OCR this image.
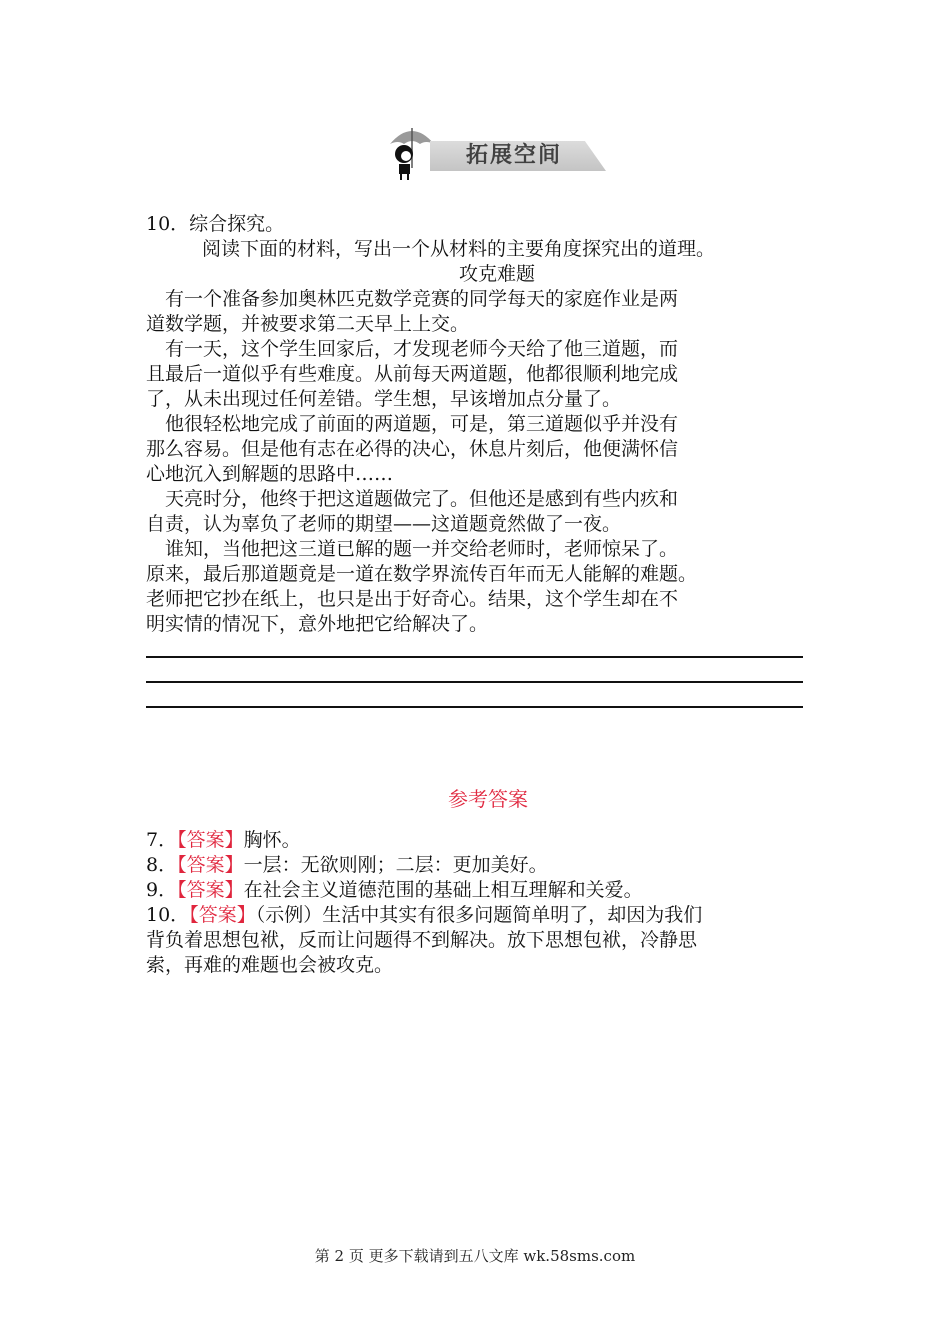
拓展空间
10．综合探究。
阅读下面的材料，写出一个从材料的主要角度探究出的道理。
攻克难题
　有一个准备参加奥林匹克数学竞赛的同学每天的家庭作业是两
道数学题，并被要求第二天早上上交。
　有一天，这个学生回家后，才发现老师今天给了他三道题，而
且最后一道似乎有些难度。从前每天两道题，他都很顺利地完成
了，从未出现过任何差错。学生想，早该增加点分量了。
　他很轻松地完成了前面的两道题，可是，第三道题似乎并没有
那么容易。但是他有志在必得的决心，休息片刻后，他便满怀信
心地沉入到解题的思路中……
　天亮时分，他终于把这道题做完了。但他还是感到有些内疚和
自责，认为辜负了老师的期望——这道题竟然做了一夜。
　谁知，当他把这三道已解的题一并交给老师时，老师惊呆了。
原来，最后那道题竟是一道在数学界流传百年而无人能解的难题。
老师把它抄在纸上，也只是出于好奇心。结果，这个学生却在不
明实情的情况下，意外地把它给解决了。
参考答案
7．【答案】胸怀。
8．【答案】一层：无欲则刚；二层：更加美好。
9．【答案】在社会主义道德范围的基础上相互理解和关爱。
10．【答案】（示例）生活中其实有很多问题简单明了，却因为我们
背负着思想包袱，反而让问题得不到解决。放下思想包袱，冷静思
索，再难的难题也会被攻克。
第 2 页 更多下载请到五八文库 wk.58sms.com
